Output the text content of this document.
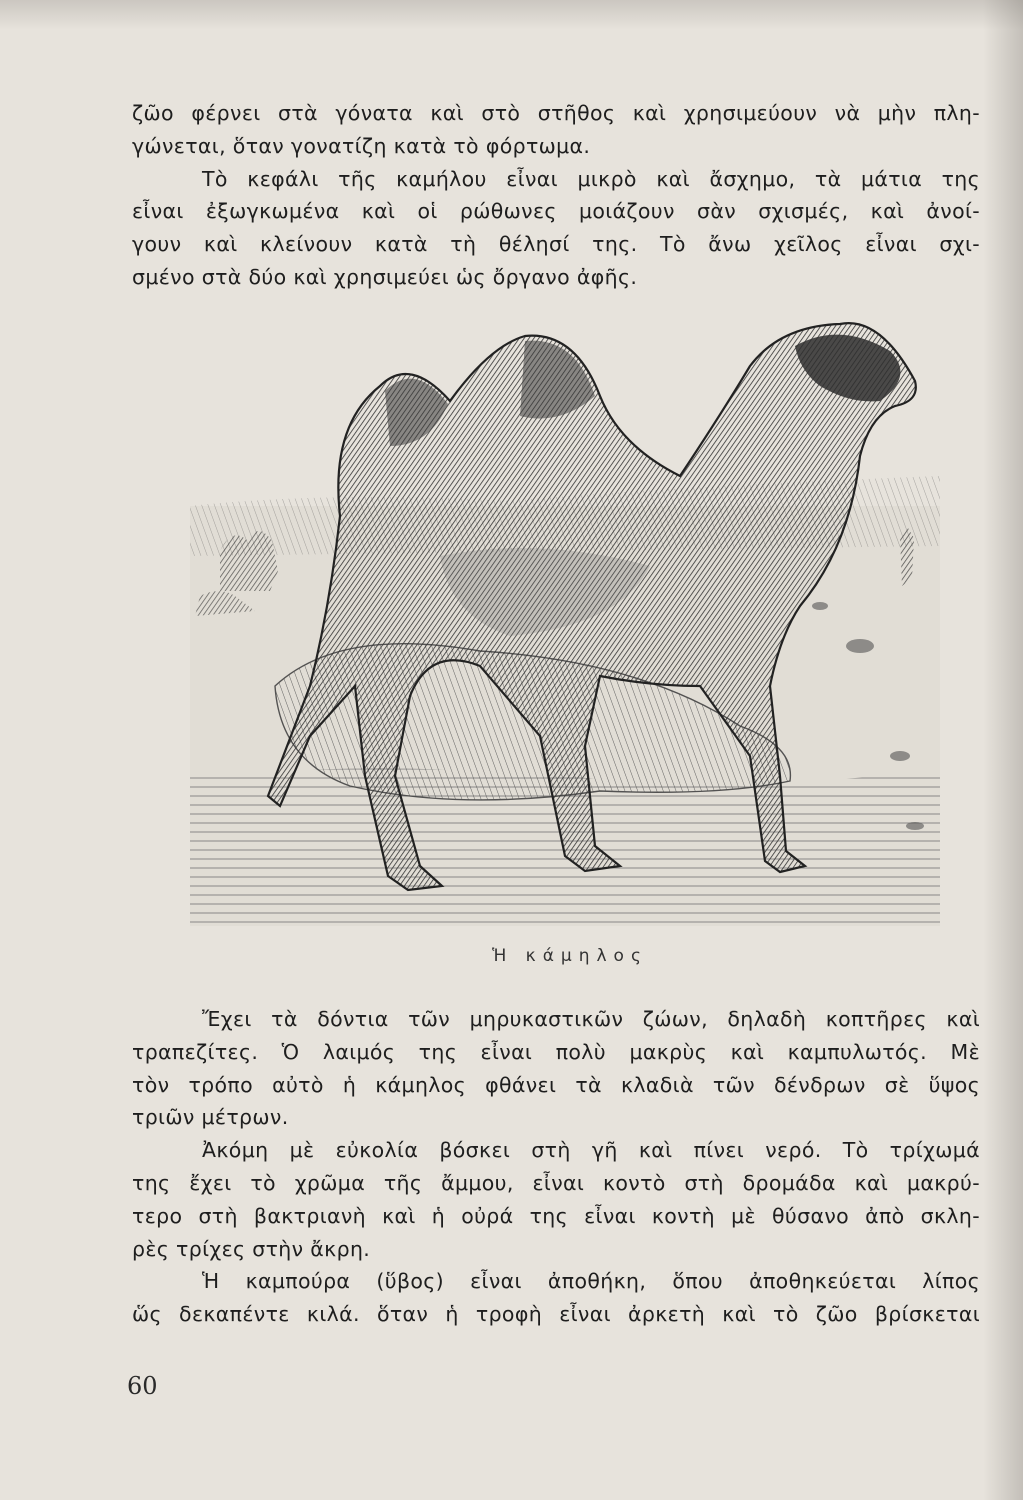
ζῶο φέρνει στὰ γόνατα καὶ στὸ στῆθος καὶ χρησιμεύουν νὰ μὴν πλη-
γώνεται, ὅταν γονατίζη κατὰ τὸ φόρτωμα.

Τὸ κεφάλι τῆς καμήλου εἶναι μικρὸ καὶ ἄσχημο, τὰ μάτια της
εἶναι ἐξωγκωμένα καὶ οἱ ρώθωνες μοιάζουν σὰν σχισμές, καὶ ἀνοί-
γουν καὶ κλείνουν κατὰ τὴ θέλησί της. Τὸ ἄνω χεῖλος εἶναι σχι-
σμένο στὰ δύο καὶ χρησιμεύει ὡς ὄργανο ἀφῆς.

Ἡ κάμηλος

Ἔχει τὰ δόντια τῶν μηρυκαστικῶν ζώων, δηλαδὴ κοπτῆρες καὶ
τραπεζίτες. Ὁ λαιμός της εἶναι πολὺ μακρὺς καὶ καμπυλωτός. Μὲ
τὸν τρόπο αὐτὸ ἡ κάμηλος φθάνει τὰ κλαδιὰ τῶν δένδρων σὲ ὕψος
τριῶν μέτρων.

Ἀκόμη μὲ εὐκολία βόσκει στὴ γῆ καὶ πίνει νερό. Τὸ τρίχωμά
της ἔχει τὸ χρῶμα τῆς ἄμμου, εἶναι κοντὸ στὴ δρομάδα καὶ μακρύ-
τερο στὴ βακτριανὴ καὶ ἡ οὐρά της εἶναι κοντὴ μὲ θύσανο ἀπὸ σκλη-
ρὲς τρίχες στὴν ἄκρη.

Ἡ καμπούρα (ὕβος) εἶναι ἀποθήκη, ὅπου ἀποθηκεύεται λίπος
ὥς δεκαπέντε κιλά. ὅταν ἡ τροφὴ εἶναι ἀρκετὴ καὶ τὸ ζῶο βρίσκεται

60
